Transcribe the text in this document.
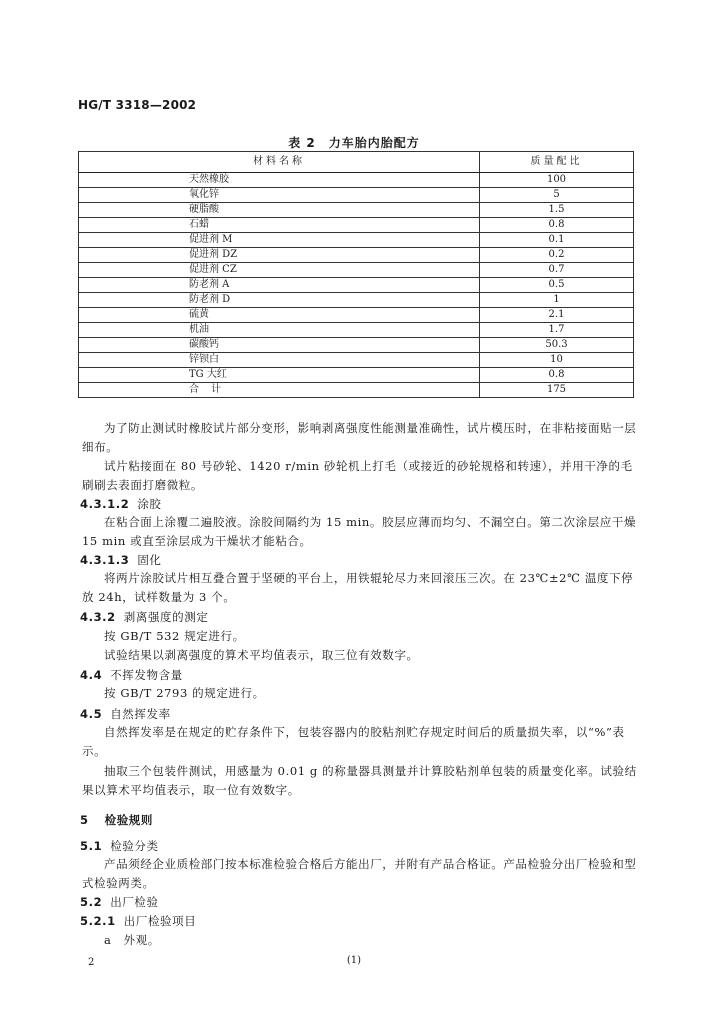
HG/T 3318—2002
表 2　力车胎内胎配方
材料名称	质量配比
天然橡胶	100
氧化锌	5
硬脂酸	1.5
石蜡	0.8
促进剂 M	0.1
促进剂 DZ	0.2
促进剂 CZ	0.7
防老剂 A	0.5
防老剂 D	1
硫黄	2.1
机油	1.7
碳酸钙	50.3
锌钡白	10
TG 大红	0.8
合计	175
为了防止测试时橡胶试片部分变形，影响剥离强度性能测量准确性，试片模压时，在非粘接面贴一层细布。
试片粘接面在 80 号砂轮、1420 r/min 砂轮机上打毛（或接近的砂轮规格和转速），并用干净的毛刷刷去表面打磨微粒。
4.3.1.2 涂胶
在粘合面上涂覆二遍胶液。涂胶间隔约为 15 min。胶层应薄而均匀、不漏空白。第二次涂层应干燥 15 min 或直至涂层成为干燥状才能粘合。
4.3.1.3 固化
将两片涂胶试片相互叠合置于坚硬的平台上，用铁辊轮尽力来回滚压三次。在 23℃±2℃ 温度下停放 24h，试样数量为 3 个。
4.3.2 剥离强度的测定
按 GB/T 532 规定进行。
试验结果以剥离强度的算术平均值表示，取三位有效数字。
4.4 不挥发物含量
按 GB/T 2793 的规定进行。
4.5 自然挥发率
自然挥发率是在规定的贮存条件下，包装容器内的胶粘剂贮存规定时间后的质量损失率，以“%”表示。
抽取三个包装件测试，用感量为 0.01 g 的称量器具测量并计算胶粘剂单包装的质量变化率。试验结果以算术平均值表示，取一位有效数字。
5 检验规则
5.1 检验分类
产品须经企业质检部门按本标准检验合格后方能出厂，并附有产品合格证。产品检验分出厂检验和型式检验两类。
5.2 出厂检验
5.2.1 出厂检验项目
a　外观。
2	(1)
